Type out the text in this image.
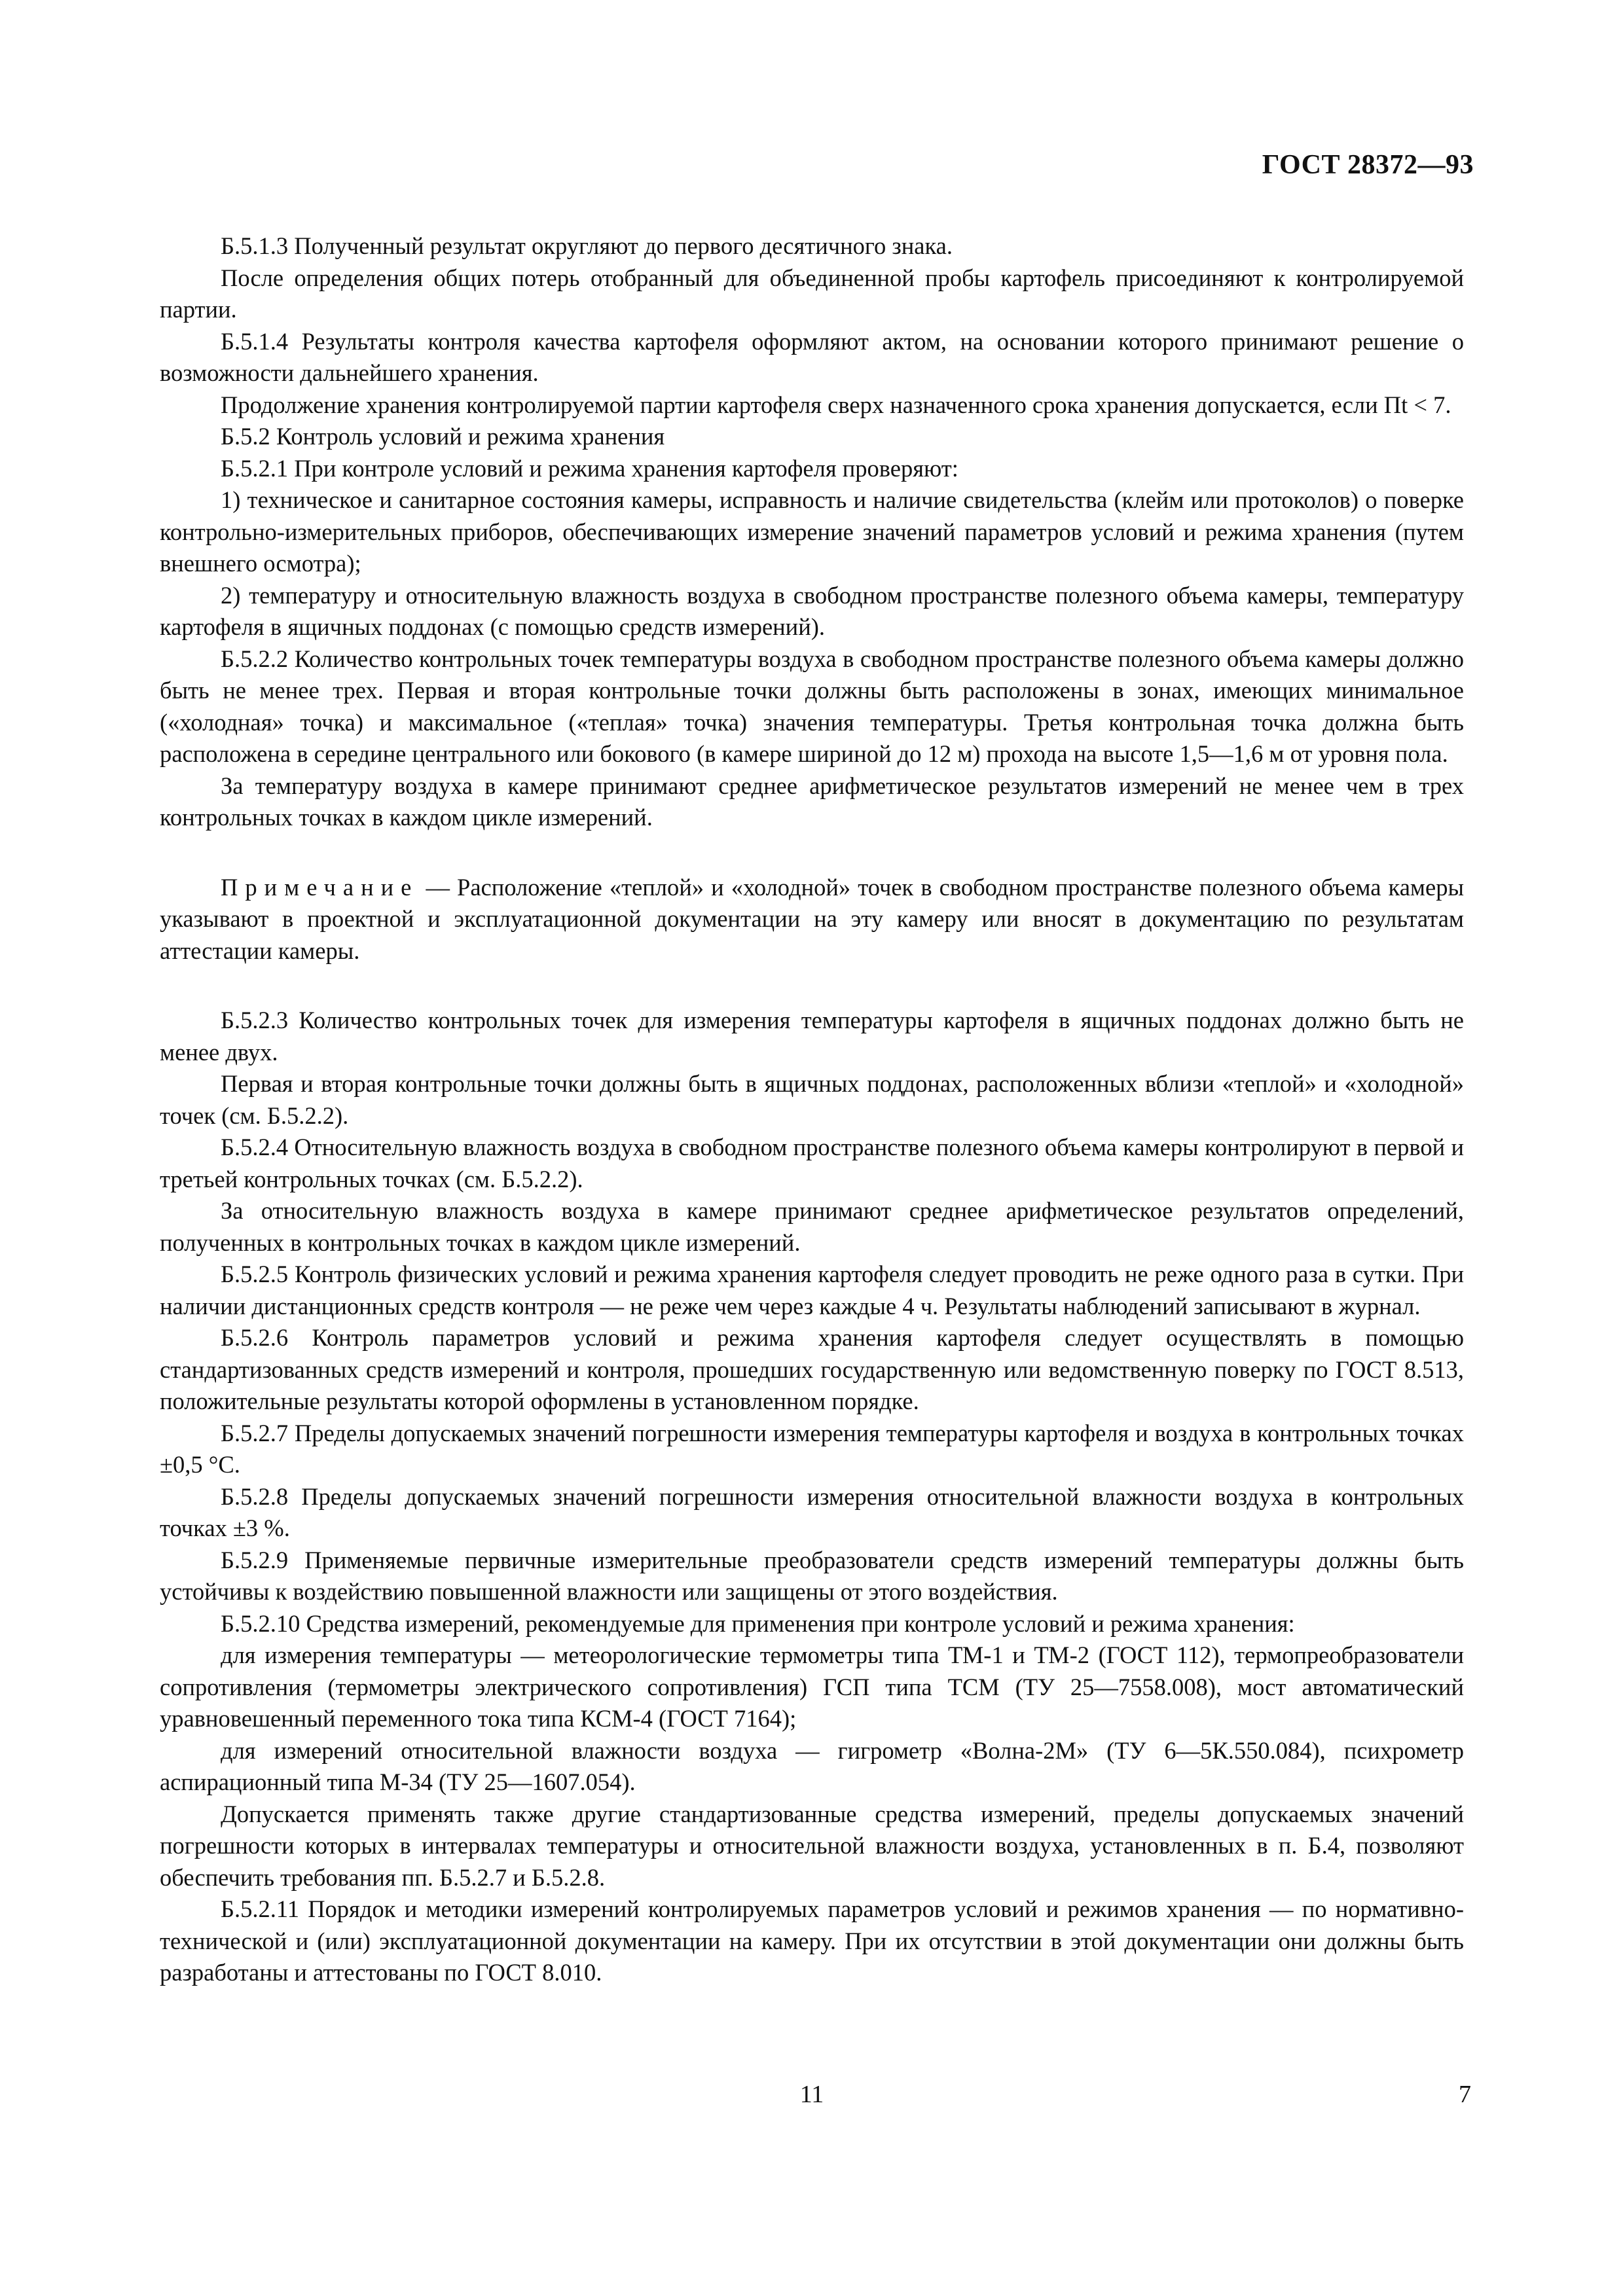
ГОСТ 28372—93

Б.5.1.3 Полученный результат округляют до первого десятичного знака.

После определения общих потерь отобранный для объединенной пробы картофель присоединяют к контролируемой партии.

Б.5.1.4 Результаты контроля качества картофеля оформляют актом, на основании которого принимают решение о возможности дальнейшего хранения.

Продолжение хранения контролируемой партии картофеля сверх назначенного срока хранения допускается, если Пt < 7.

Б.5.2 Контроль условий и режима хранения

Б.5.2.1 При контроле условий и режима хранения картофеля проверяют:

1) техническое и санитарное состояния камеры, исправность и наличие свидетельства (клейм или протоколов) о поверке контрольно-измерительных приборов, обеспечивающих измерение значений параметров условий и режима хранения (путем внешнего осмотра);

2) температуру и относительную влажность воздуха в свободном пространстве полезного объема камеры, температуру картофеля в ящичных поддонах (с помощью средств измерений).

Б.5.2.2 Количество контрольных точек температуры воздуха в свободном пространстве полезного объема камеры должно быть не менее трех. Первая и вторая контрольные точки должны быть расположены в зонах, имеющих минимальное («холодная» точка) и максимальное («теплая» точка) значения температуры. Третья контрольная точка должна быть расположена в середине центрального или бокового (в камере шириной до 12 м) прохода на высоте 1,5—1,6 м от уровня пола.

За температуру воздуха в камере принимают среднее арифметическое результатов измерений не менее чем в трех контрольных точках в каждом цикле измерений.

Примечание — Расположение «теплой» и «холодной» точек в свободном пространстве полезного объема камеры указывают в проектной и эксплуатационной документации на эту камеру или вносят в документацию по результатам аттестации камеры.

Б.5.2.3 Количество контрольных точек для измерения температуры картофеля в ящичных поддонах должно быть не менее двух.

Первая и вторая контрольные точки должны быть в ящичных поддонах, расположенных вблизи «теплой» и «холодной» точек (см. Б.5.2.2).

Б.5.2.4 Относительную влажность воздуха в свободном пространстве полезного объема камеры контролируют в первой и третьей контрольных точках (см. Б.5.2.2).

За относительную влажность воздуха в камере принимают среднее арифметическое результатов определений, полученных в контрольных точках в каждом цикле измерений.

Б.5.2.5 Контроль физических условий и режима хранения картофеля следует проводить не реже одного раза в сутки. При наличии дистанционных средств контроля — не реже чем через каждые 4 ч. Результаты наблюдений записывают в журнал.

Б.5.2.6 Контроль параметров условий и режима хранения картофеля следует осуществлять в помощью стандартизованных средств измерений и контроля, прошедших государственную или ведомственную поверку по ГОСТ 8.513, положительные результаты которой оформлены в установленном порядке.

Б.5.2.7 Пределы допускаемых значений погрешности измерения температуры картофеля и воздуха в контрольных точках ±0,5 °С.

Б.5.2.8 Пределы допускаемых значений погрешности измерения относительной влажности воздуха в контрольных точках ±3 %.

Б.5.2.9 Применяемые первичные измерительные преобразователи средств измерений температуры должны быть устойчивы к воздействию повышенной влажности или защищены от этого воздействия.

Б.5.2.10 Средства измерений, рекомендуемые для применения при контроле условий и режима хранения:

для измерения температуры — метеорологические термометры типа ТМ-1 и ТМ-2 (ГОСТ 112), термопреобразователи сопротивления (термометры электрического сопротивления) ГСП типа ТСМ (ТУ 25—7558.008), мост автоматический уравновешенный переменного тока типа КСМ-4 (ГОСТ 7164);

для измерений относительной влажности воздуха — гигрометр «Волна-2М» (ТУ 6—5К.550.084), психрометр аспирационный типа М-34 (ТУ 25—1607.054).

Допускается применять также другие стандартизованные средства измерений, пределы допускаемых значений погрешности которых в интервалах температуры и относительной влажности воздуха, установленных в п. Б.4, позволяют обеспечить требования пп. Б.5.2.7 и Б.5.2.8.

Б.5.2.11 Порядок и методики измерений контролируемых параметров условий и режимов хранения — по нормативно-технической и (или) эксплуатационной документации на камеру. При их отсутствии в этой документации они должны быть разработаны и аттестованы по ГОСТ 8.010.

11	7
